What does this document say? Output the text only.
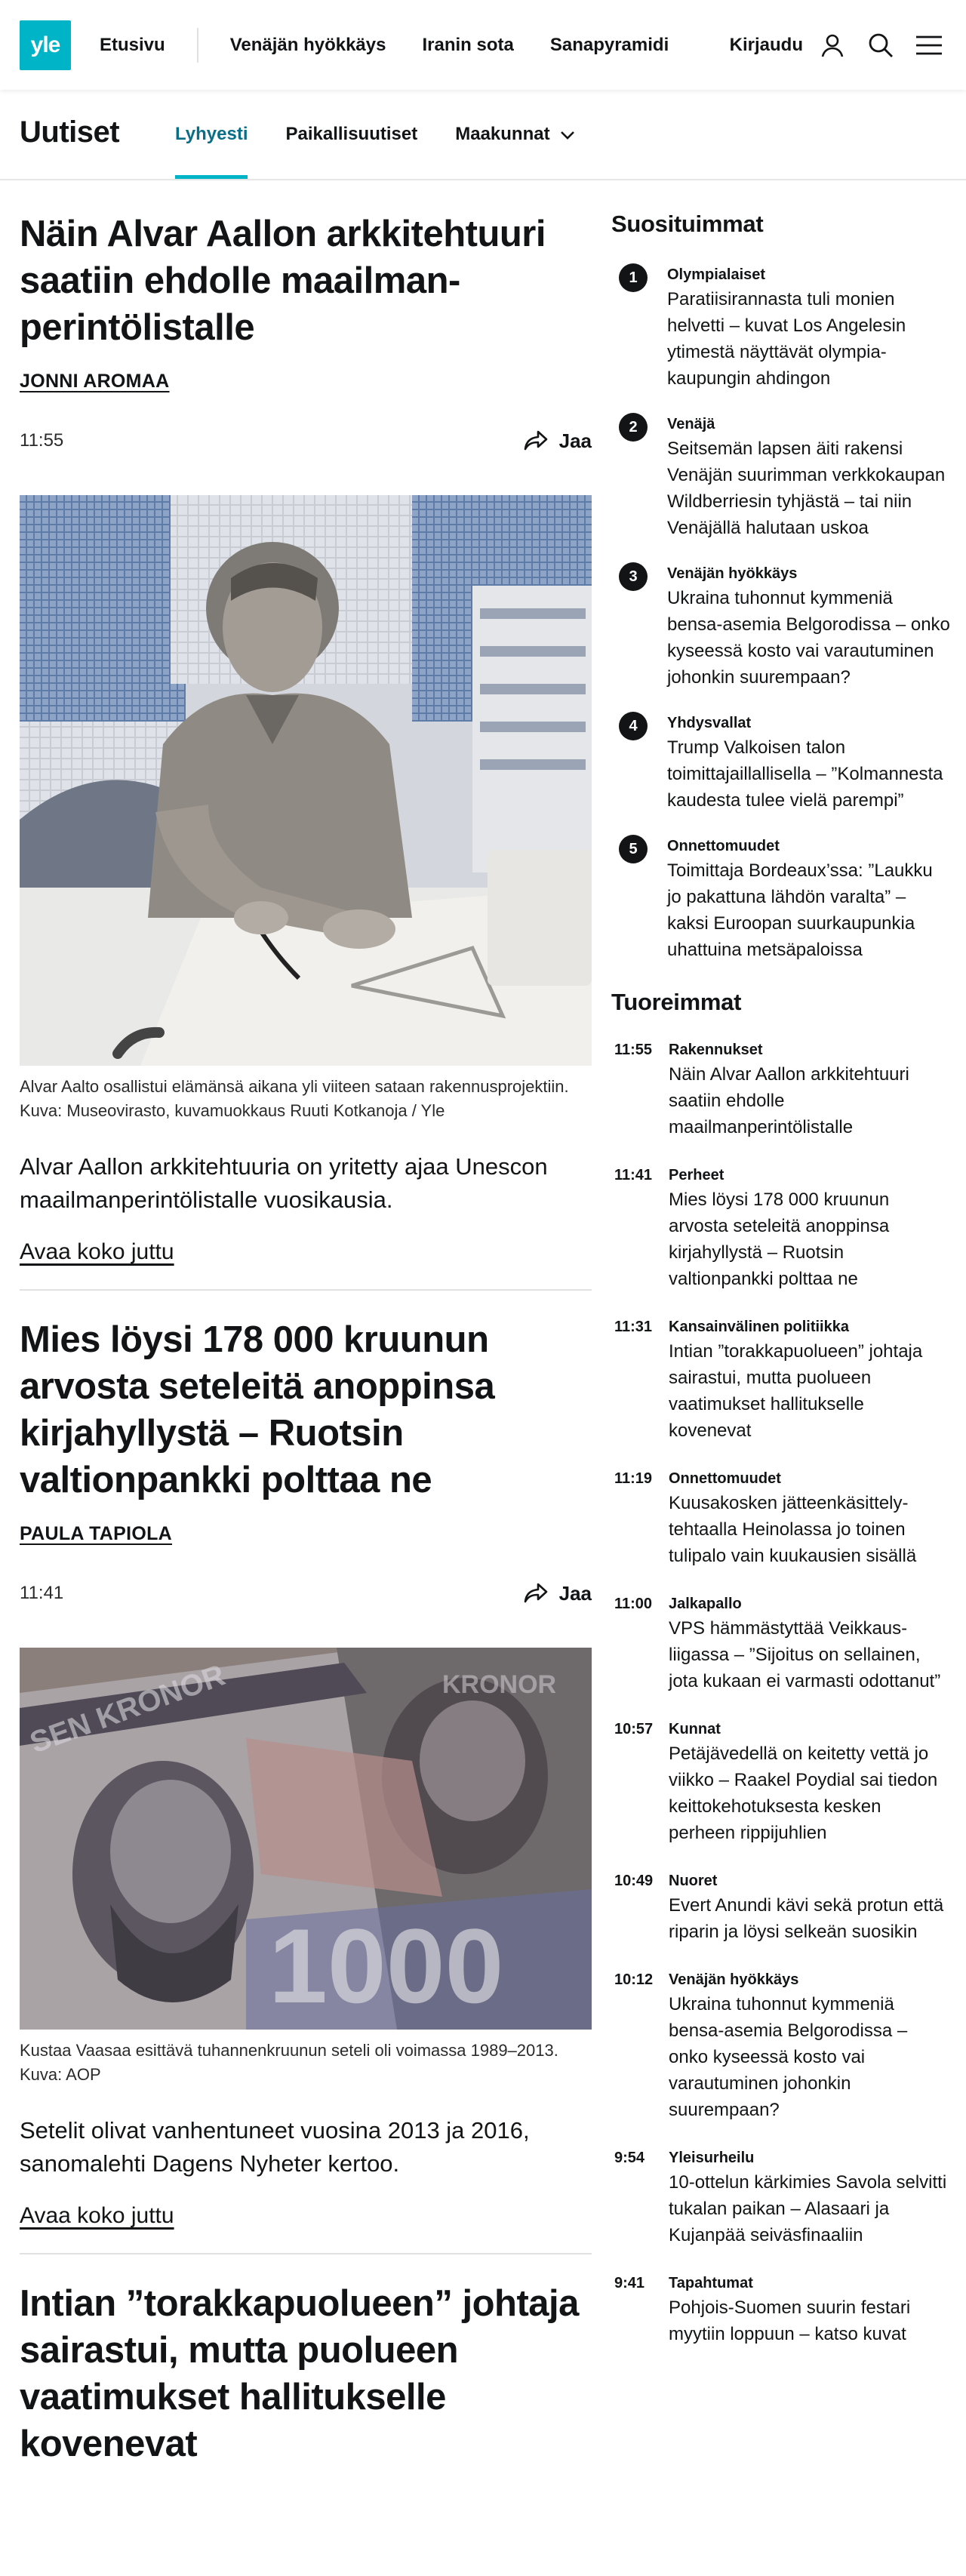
yle	Etusivu	Venäjän hyökkäys Iranin sota Sanapyramidi	Kirjaudu
Uutiset	Lyhyesti Paikallisuutiset Maakunnat
Näin Alvar Aallon arkkitehtuuri saatiin ehdolle maailmanperintölistalle
JONNI AROMAA
11:55	Jaa

Alvar Aalto osallistui elämänsä aikana yli viiteen sataan rakennusprojektiin. Kuva: Museovirasto, kuvamuokkaus Ruuti Kotkanoja / Yle

Alvar Aallon arkkitehtuuria on yritetty ajaa Unescon maailmanperintölistalle vuosikausia.

Avaa koko juttu
Mies löysi 178 000 kruunun arvosta seteleitä anoppinsa kirjahyllystä – Ruotsin valtionpankki polttaa ne
PAULA TAPIOLA
11:41	Jaa
1000
SEN KRONOR	KRONOR

Kustaa Vaasaa esittävä tuhannenkruunun seteli oli voimassa 1989–2013. Kuva: AOP

Setelit olivat vanhentuneet vuosina 2013 ja 2016, sanomalehti Dagens Nyheter kertoo.

Avaa koko juttu
Intian ”torakkapuolueen” johtaja sairastui, mutta puolueen vaatimukset hallitukselle kovenevat
Suosituimmat
1	Olympialaiset
Paratiisirannasta tuli monien helvetti – kuvat Los Angelesin ytimestä näyttävät olympiakaupungin ahdingon
2	Venäjä
Seitsemän lapsen äiti rakensi Venäjän suurimman verkkokaupan Wildberriesin tyhjästä – tai niin Venäjällä halutaan uskoa
3	Venäjän hyökkäys
Ukraina tuhonnut kymmeniä bensa-asemia Belgorodissa – onko kyseessä kosto vai varautuminen johonkin suurempaan?
4	Yhdysvallat
Trump Valkoisen talon toimittajaillallisella – ”Kolmannesta kaudesta tulee vielä parempi”
5	Onnettomuudet
Toimittaja Bordeaux’ssa: ”Laukku jo pakattuna lähdön varalta” – kaksi Euroopan suurkaupunkia uhattuina metsäpaloissa
Tuoreimmat
11:55 Rakennukset
Näin Alvar Aallon arkkitehtuuri saatiin ehdolle maailmanperintölistalle
11:41 Perheet
Mies löysi 178 000 kruunun arvosta seteleitä anoppinsa kirjahyllystä – Ruotsin valtionpankki polttaa ne
11:31 Kansainvälinen politiikka
Intian ”torakkapuolueen” johtaja sairastui, mutta puolueen vaatimukset hallitukselle kovenevat
11:19 Onnettomuudet
Kuusakosken jätteenkäsittelytehtaalla Heinolassa jo toinen tulipalo vain kuukausien sisällä
11:00 Jalkapallo
VPS hämmästyttää Veikkausliigassa – ”Sijoitus on sellainen, jota kukaan ei varmasti odottanut”
10:57 Kunnat
Petäjävedellä on keitetty vettä jo viikko – Raakel Poydial sai tiedon keittokehotuksesta kesken perheen rippijuhlien
10:49 Nuoret
Evert Anundi kävi sekä protun että riparin ja löysi selkeän suosikin
10:12 Venäjän hyökkäys
Ukraina tuhonnut kymmeniä bensa-asemia Belgorodissa – onko kyseessä kosto vai varautuminen johonkin suurempaan?
9:54 Yleisurheilu
10-ottelun kärkimies Savola selvitti tukalan paikan – Alasaari ja Kujanpää seiväsfinaaliin
9:41 Tapahtumat
Pohjois-Suomen suurin festari myytiin loppuun – katso kuvat
